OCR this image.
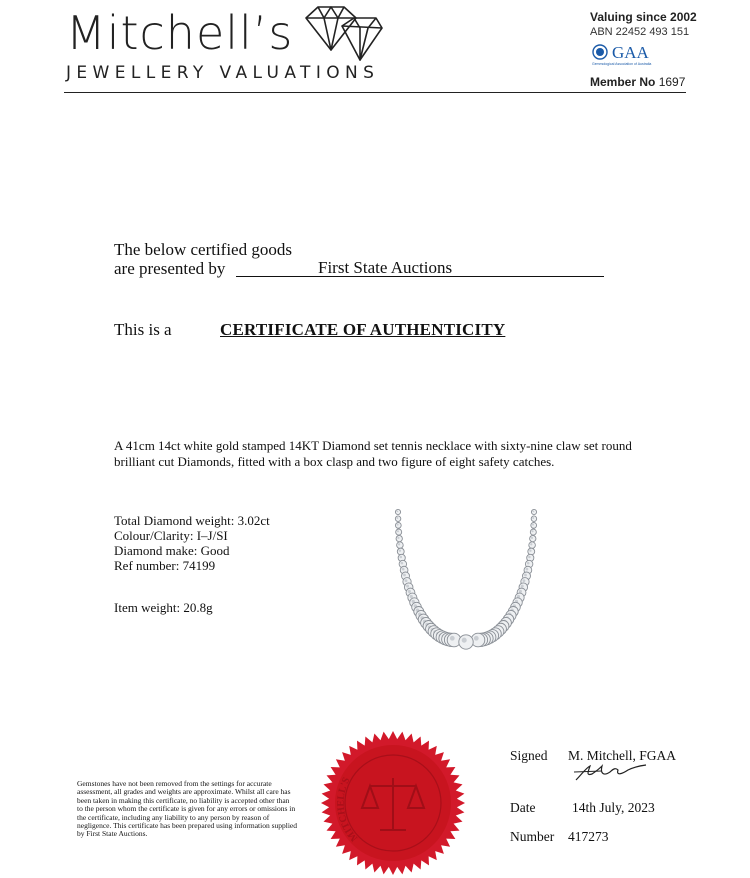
Mitchell’s
JEWELLERY VALUATIONS
Valuing since 2002
ABN 22452 493 151
GAA
Gemmological Association of Australia
Member No 1697
The below certified goods
are presented by	First State Auctions
This is a	CERTIFICATE OF AUTHENTICITY
A 41cm 14ct white gold stamped 14KT Diamond set tennis necklace with sixty-nine claw set round brilliant cut Diamonds, fitted with a box clasp and two figure of eight safety catches.
Total Diamond weight: 3.02ct
Colour/Clarity: I–J/SI
Diamond make: Good
Ref number: 74199
Item weight: 20.8g
Gemstones have not been removed from the settings for accurate assessment, all grades and weights are approximate. Whilst all care has been taken in making this certificate, no liability is accepted other than to the person whom the certificate is given for any errors or omissions in the certificate, including any liability to any person by reason of negligence. This certificate has been prepared using information supplied by First State Auctions.	MITCHELL'S
Signed M. Mitchell, FGAA
Date	14th July, 2023
Number 417273
